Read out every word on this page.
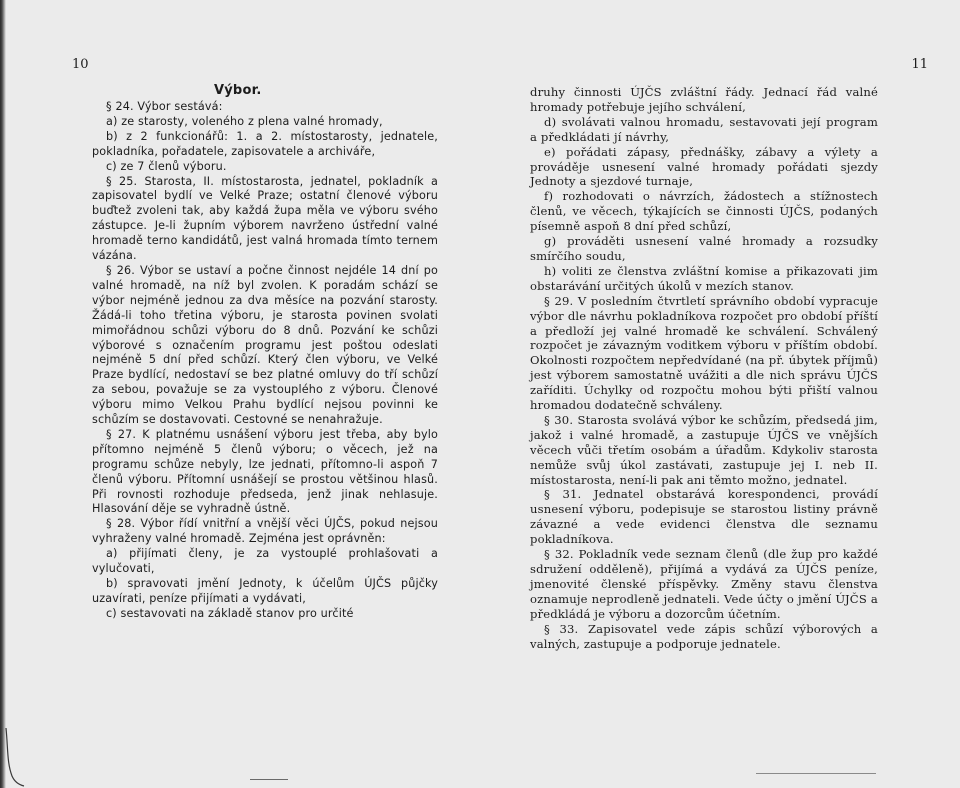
10
Výbor.

§ 24. Výbor sestává:

a) ze starosty, voleného z plena valné hromady,

b) z 2 funkcionářů: 1. a 2. místostarosty, jednatele, pokladníka, pořadatele, zapisovatele a archiváře,

c) ze 7 členů výboru.

§ 25. Starosta, II. místostarosta, jednatel, pokladník a zapisovatel bydlí ve Velké Praze; ostatní členové výboru buďtež zvoleni tak, aby každá župa měla ve výboru svého zástupce. Je-li župním výborem navrženo ústřední valné hromadě terno kandidátů, jest valná hromada tímto ternem vázána.

§ 26. Výbor se ustaví a počne činnost nejdéle 14 dní po valné hromadě, na níž byl zvolen. K poradám schází se výbor nejméně jednou za dva měsíce na pozvání starosty. Žádá-li toho třetina výboru, je starosta povinen svolati mimořádnou schůzi výboru do 8 dnů. Pozvání ke schůzi výborové s označením programu jest poštou odeslati nejméně 5 dní před schůzí. Který člen výboru, ve Velké Praze bydlící, nedostaví se bez platné omluvy do tří schůzí za sebou, považuje se za vystouplého z výboru. Členové výboru mimo Velkou Prahu bydlící nejsou povinni ke schůzím se dostavovati. Cestovné se nenahražuje.

§ 27. K platnému usnášení výboru jest třeba, aby bylo přítomno nejméně 5 členů výboru; o věcech, jež na programu schůze nebyly, lze jednati, přítomno-li aspoň 7 členů výboru. Přítomní usnášejí se prostou většinou hlasů. Při rovnosti rozhoduje předseda, jenž jinak nehlasuje. Hlasování děje se vyhradně ústně.

§ 28. Výbor řídí vnitřní a vnější věci ÚJČS, pokud nejsou vyhraženy valné hromadě. Zejména jest oprávněn:

a) přijímati členy, je za vystouplé prohlašovati a vylučovati,

b) spravovati jmění Jednoty, k účelům ÚJČS půjčky uzavírati, peníze přijímati a vydávati,

c) sestavovati na základě stanov pro určité

11

druhy činnosti ÚJČS zvláštní řády. Jednací řád valné hromady potřebuje jejího schválení,

d) svolávati valnou hromadu, sestavovati její program a předkládati jí návrhy,

e) pořádati zápasy, přednášky, zábavy a výlety a prováděje usnesení valné hromady pořádati sjezdy Jednoty a sjezdové turnaje,

f) rozhodovati o návrzích, žádostech a stížnostech členů, ve věcech, týkajících se činnosti ÚJČS, podaných písemně aspoň 8 dní před schůzí,

g) prováděti usnesení valné hromady a rozsudky smírčího soudu,

h) voliti ze členstva zvláštní komise a přikazovati jim obstarávání určitých úkolů v mezích stanov.

§ 29. V posledním čtvrtletí správního období vypracuje výbor dle návrhu pokladníkova rozpočet pro období příští a předloží jej valné hromadě ke schválení. Schválený rozpočet je závazným voditkem výboru v příštím období. Okolnosti rozpočtem nepředvídané (na př. úbytek příjmů) jest výborem samostatně uvážiti a dle nich správu ÚJČS zaříditi. Úchylky od rozpočtu mohou býti přiští valnou hromadou dodatečně schváleny.

§ 30. Starosta svolává výbor ke schůzím, předsedá jim, jakož i valné hromadě, a zastupuje ÚJČS ve vnějších věcech vůči třetím osobám a úřadům. Kdykoliv starosta nemůže svůj úkol zastávati, zastupuje jej I. neb II. místostarosta, není-li pak ani těmto možno, jednatel.

§ 31. Jednatel obstarává korespondenci, provádí usnesení výboru, podepisuje se starostou listiny právně závazné a vede evidenci členstva dle seznamu pokladníkova.

§ 32. Pokladník vede seznam členů (dle žup pro každé sdružení odděleně), přijímá a vydává za ÚJČS peníze, jmenovité členské příspěvky. Změny stavu členstva oznamuje neprodleně jednateli. Vede účty o jmění ÚJČS a předkládá je výboru a dozorcům účetním.

§ 33. Zapisovatel vede zápis schůzí výborových a valných, zastupuje a podporuje jednatele.
